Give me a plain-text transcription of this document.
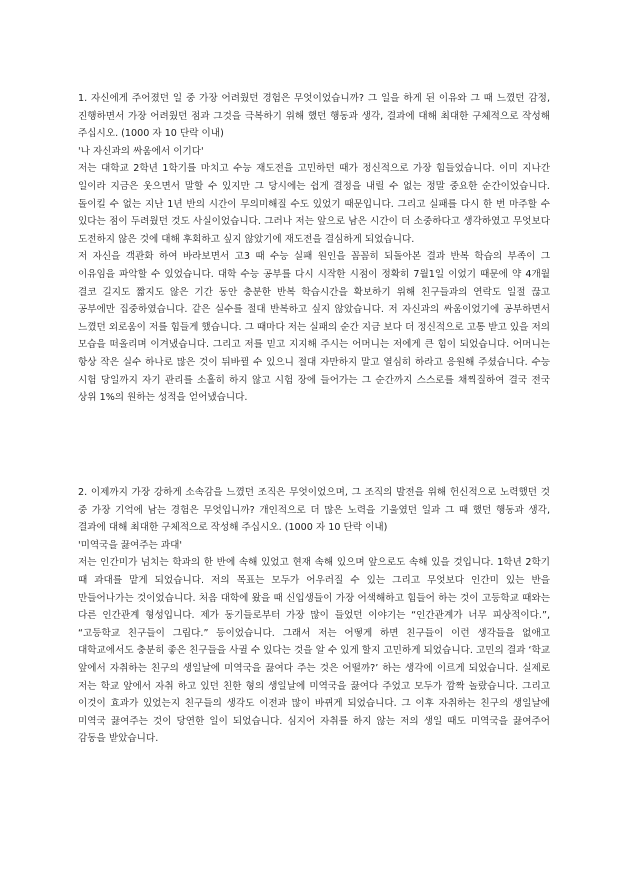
1. 자신에게 주어졌던 일 중 가장 어려웠던 경험은 무엇이었습니까? 그 일을 하게 된 이유와 그 때 느꼈던 감정, 진행하면서 가장 어려웠던 점과 그것을 극복하기 위해 했던 행동과 생각, 결과에 대해 최대한 구체적으로 작성해 주십시오. (1000 자 10 단락 이내)

'나 자신과의 싸움에서 이기다'

저는 대학교 2학년 1학기를 마치고 수능 재도전을 고민하던 때가 정신적으로 가장 힘들었습니다. 이미 지나간 일이라 지금은 웃으면서 말할 수 있지만 그 당시에는 쉽게 결정을 내릴 수 없는 정말 중요한 순간이었습니다. 돌이킬 수 없는 지난 1년 반의 시간이 무의미해질 수도 있었기 때문입니다. 그리고 실패를 다시 한 번 마주할 수 있다는 점이 두려웠던 것도 사실이었습니다. 그러나 저는 앞으로 남은 시간이 더 소중하다고 생각하였고 무엇보다 도전하지 않은 것에 대해 후회하고 싶지 않았기에 재도전을 결심하게 되었습니다.

저 자신을 객관화 하여 바라보면서 고3 때 수능 실패 원인을 꼼꼼히 되돌아본 결과 반복 학습의 부족이 그 이유임을 파악할 수 있었습니다. 대학 수능 공부를 다시 시작한 시점이 정확히 7월1일 이었기 때문에 약 4개월 결코 길지도 짧지도 않은 기간 동안 충분한 반복 학습시간을 확보하기 위해 친구들과의 연락도 일절 끊고 공부에만 집중하였습니다. 같은 실수를 절대 반복하고 싶지 않았습니다. 저 자신과의 싸움이었기에 공부하면서 느꼈던 외로움이 저를 힘들게 했습니다. 그 때마다 저는 실패의 순간 지금 보다 더 정신적으로 고통 받고 있을 저의 모습을 떠올리며 이겨냈습니다. 그리고 저를 믿고 지지해 주시는 어머니는 저에게 큰 힘이 되었습니다. 어머니는 항상 작은 실수 하나로 많은 것이 뒤바뀔 수 있으니 절대 자만하지 말고 열심히 하라고 응원해 주셨습니다. 수능 시험 당일까지 자기 관리를 소홀히 하지 않고 시험 장에 들어가는 그 순간까지 스스로를 채찍질하여 결국 전국 상위 1%의 원하는 성적을 얻어냈습니다.

2. 이제까지 가장 강하게 소속감을 느꼈던 조직은 무엇이었으며, 그 조직의 발전을 위해 헌신적으로 노력했던 것 중 가장 기억에 남는 경험은 무엇입니까? 개인적으로 더 많은 노력을 기울였던 일과 그 때 했던 행동과 생각, 결과에 대해 최대한 구체적으로 작성해 주십시오. (1000 자 10 단락 이내)

'미역국을 끓여주는 과대'

저는 인간미가 넘치는 학과의 한 반에 속해 있었고 현재 속해 있으며 앞으로도 속해 있을 것입니다. 1학년 2학기 때 과대를 맡게 되었습니다. 저의 목표는 모두가 어우러질 수 있는 그리고 무엇보다 인간미 있는 반을 만들어나가는 것이었습니다. 처음 대학에 왔을 때 신입생들이 가장 어색해하고 힘들어 하는 것이 고등학교 때와는 다른 인간관계 형성입니다. 제가 동기들로부터 가장 많이 들었던 이야기는 “인간관계가 너무 피상적이다.”, “고등학교 친구들이 그립다.” 등이었습니다. 그래서 저는 어떻게 하면 친구들이 이런 생각들을 없애고 대학교에서도 충분히 좋은 친구들을 사귈 수 있다는 것을 알 수 있게 할지 고민하게 되었습니다. 고민의 결과 ‘학교 앞에서 자취하는 친구의 생일날에 미역국을 끓여다 주는 것은 어떨까?’ 하는 생각에 이르게 되었습니다. 실제로 저는 학교 앞에서 자취 하고 있던 친한 형의 생일날에 미역국을 끓여다 주었고 모두가 깜짝 놀랐습니다. 그리고 이것이 효과가 있었는지 친구들의 생각도 이전과 많이 바뀌게 되었습니다. 그 이후 자취하는 친구의 생일날에 미역국 끓여주는 것이 당연한 일이 되었습니다. 심지어 자취를 하지 않는 저의 생일 때도 미역국을 끓여주어 감동을 받았습니다.
